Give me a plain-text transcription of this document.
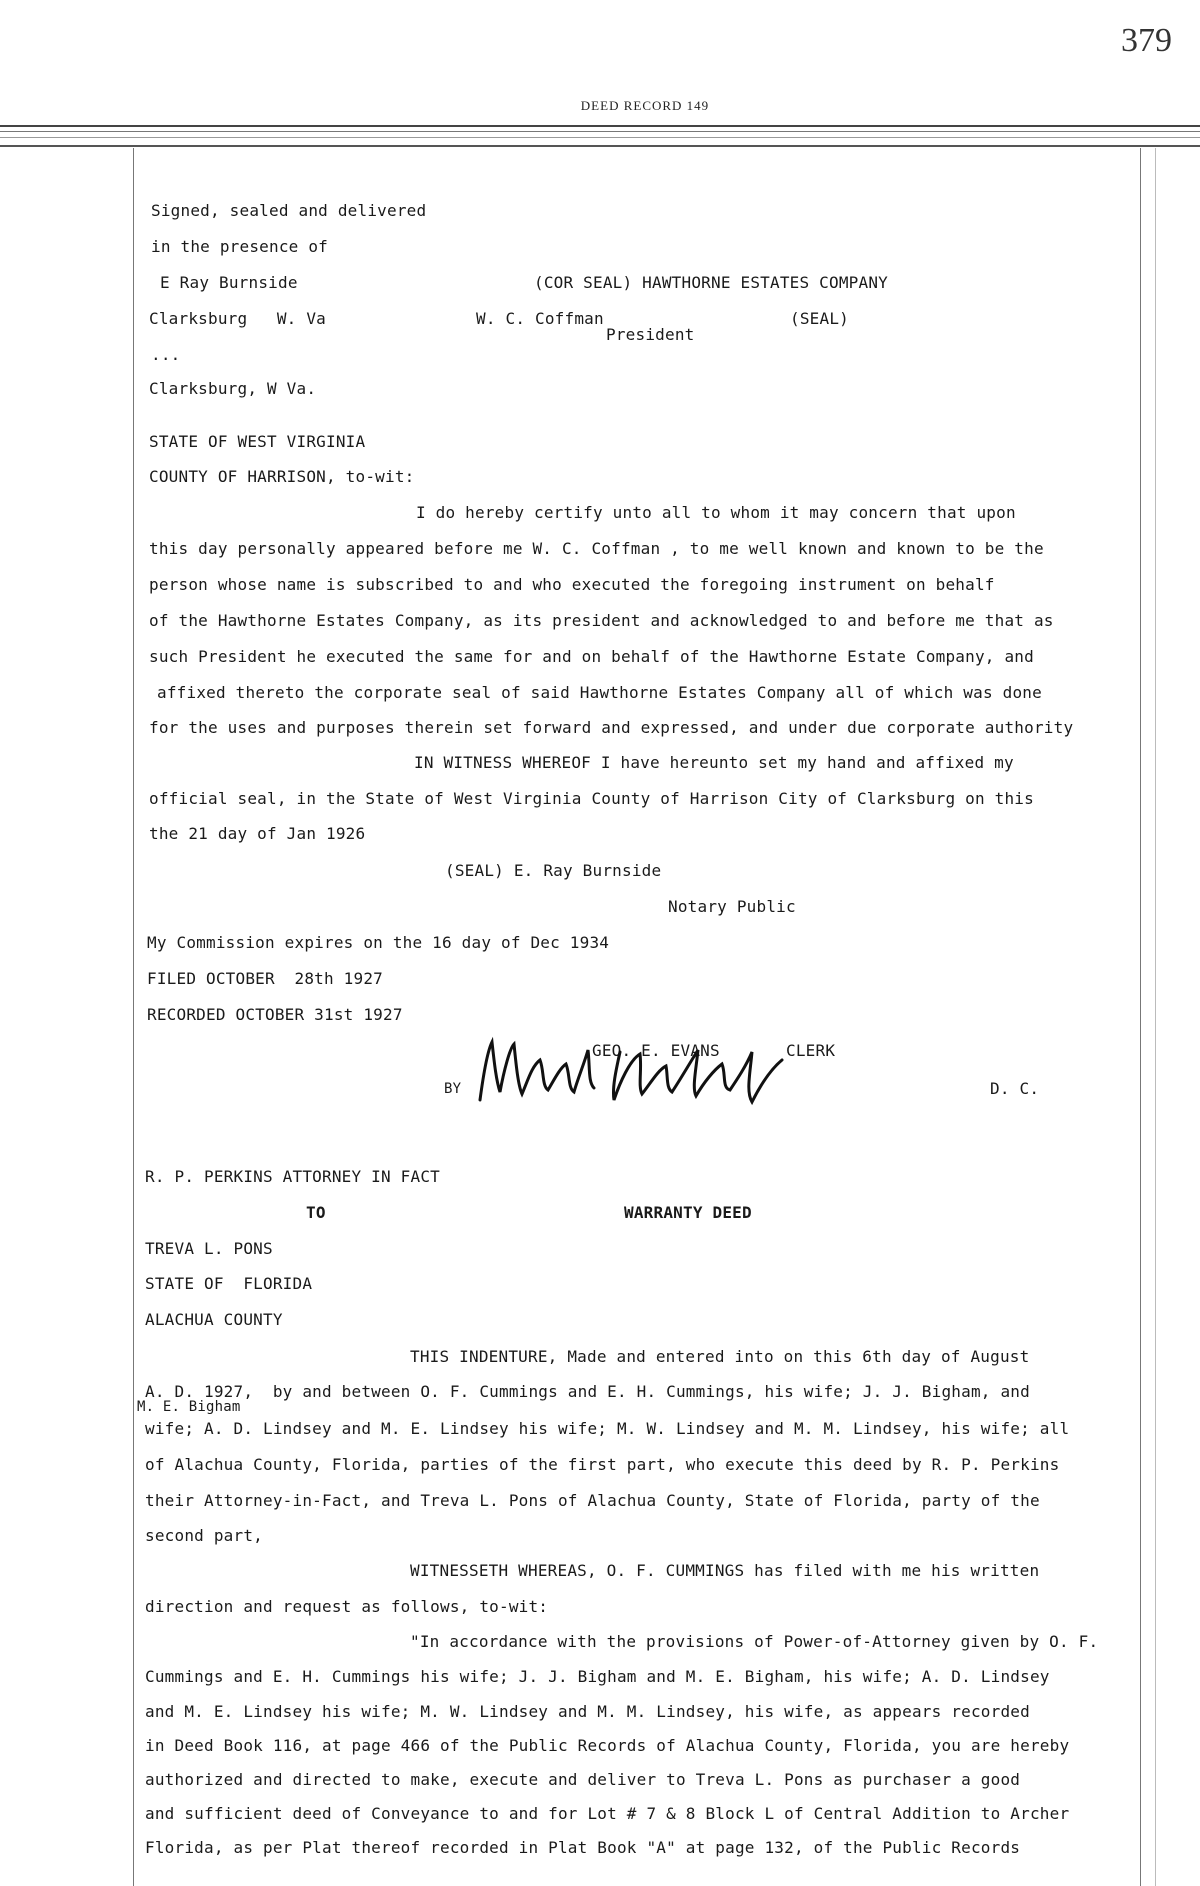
379
DEED RECORD 149
Signed, sealed and delivered
in the presence of
E Ray Burnside	(COR SEAL) HAWTHORNE ESTATES COMPANY
Clarksburg   W. Va	W. C. Coffman	(SEAL)
President
...
Clarksburg, W Va.
STATE OF WEST VIRGINIA
COUNTY OF HARRISON, to-wit:
I do hereby certify unto all to whom it may concern that upon
this day personally appeared before me W. C. Coffman , to me well known and known to be the
person whose name is subscribed to and who executed the foregoing instrument on behalf
of the Hawthorne Estates Company, as its president and acknowledged to and before me that as
such President he executed the same for and on behalf of the Hawthorne Estate Company, and
affixed thereto the corporate seal of said Hawthorne Estates Company all of which was done
for the uses and purposes therein set forward and expressed, and under due corporate authority
IN WITNESS WHEREOF I have hereunto set my hand and affixed my
official seal, in the State of West Virginia County of Harrison City of Clarksburg on this
the 21 day of Jan 1926
(SEAL) E. Ray Burnside
Notary Public
My Commission expires on the 16 day of Dec 1934
FILED OCTOBER  28th 1927
RECORDED OCTOBER 31st 1927
GEO. E. EVANS	CLERK
BY	D. C.
R. P. PERKINS ATTORNEY IN FACT
TO	WARRANTY DEED
TREVA L. PONS
STATE OF  FLORIDA
ALACHUA COUNTY
THIS INDENTURE, Made and entered into on this 6th day of August
A. D. 1927,  by and between O. F. Cummings and E. H. Cummings, his wife; J. J. Bigham, and
M. E. Bigham
wife; A. D. Lindsey and M. E. Lindsey his wife; M. W. Lindsey and M. M. Lindsey, his wife; all
of Alachua County, Florida, parties of the first part, who execute this deed by R. P. Perkins
their Attorney-in-Fact, and Treva L. Pons of Alachua County, State of Florida, party of the
second part,
WITNESSETH WHEREAS, O. F. CUMMINGS has filed with me his written
direction and request as follows, to-wit:
"In accordance with the provisions of Power-of-Attorney given by O. F.
Cummings and E. H. Cummings his wife; J. J. Bigham and M. E. Bigham, his wife; A. D. Lindsey
and M. E. Lindsey his wife; M. W. Lindsey and M. M. Lindsey, his wife, as appears recorded
in Deed Book 116, at page 466 of the Public Records of Alachua County, Florida, you are hereby
authorized and directed to make, execute and deliver to Treva L. Pons as purchaser a good
and sufficient deed of Conveyance to and for Lot # 7 & 8 Block L of Central Addition to Archer
Florida, as per Plat thereof recorded in Plat Book "A" at page 132, of the Public Records
